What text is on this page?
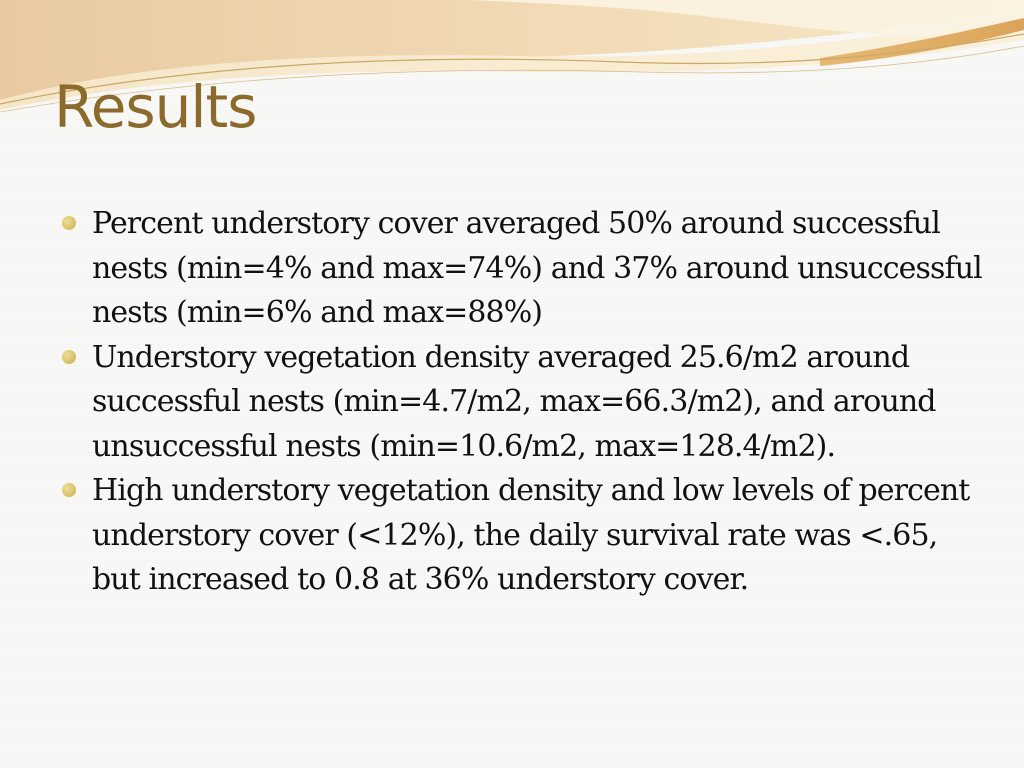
Results
Percent understory cover averaged 50% around successful nests (min=4% and max=74%) and 37% around unsuccessful nests (min=6% and max=88%)
Understory vegetation density averaged 25.6/m2 around successful nests (min=4.7/m2, max=66.3/m2), and around unsuccessful nests (min=10.6/m2, max=128.4/m2).
High understory vegetation density and low levels of percent understory cover (<12%), the daily survival rate was <.65, but increased to 0.8 at 36% understory cover.
